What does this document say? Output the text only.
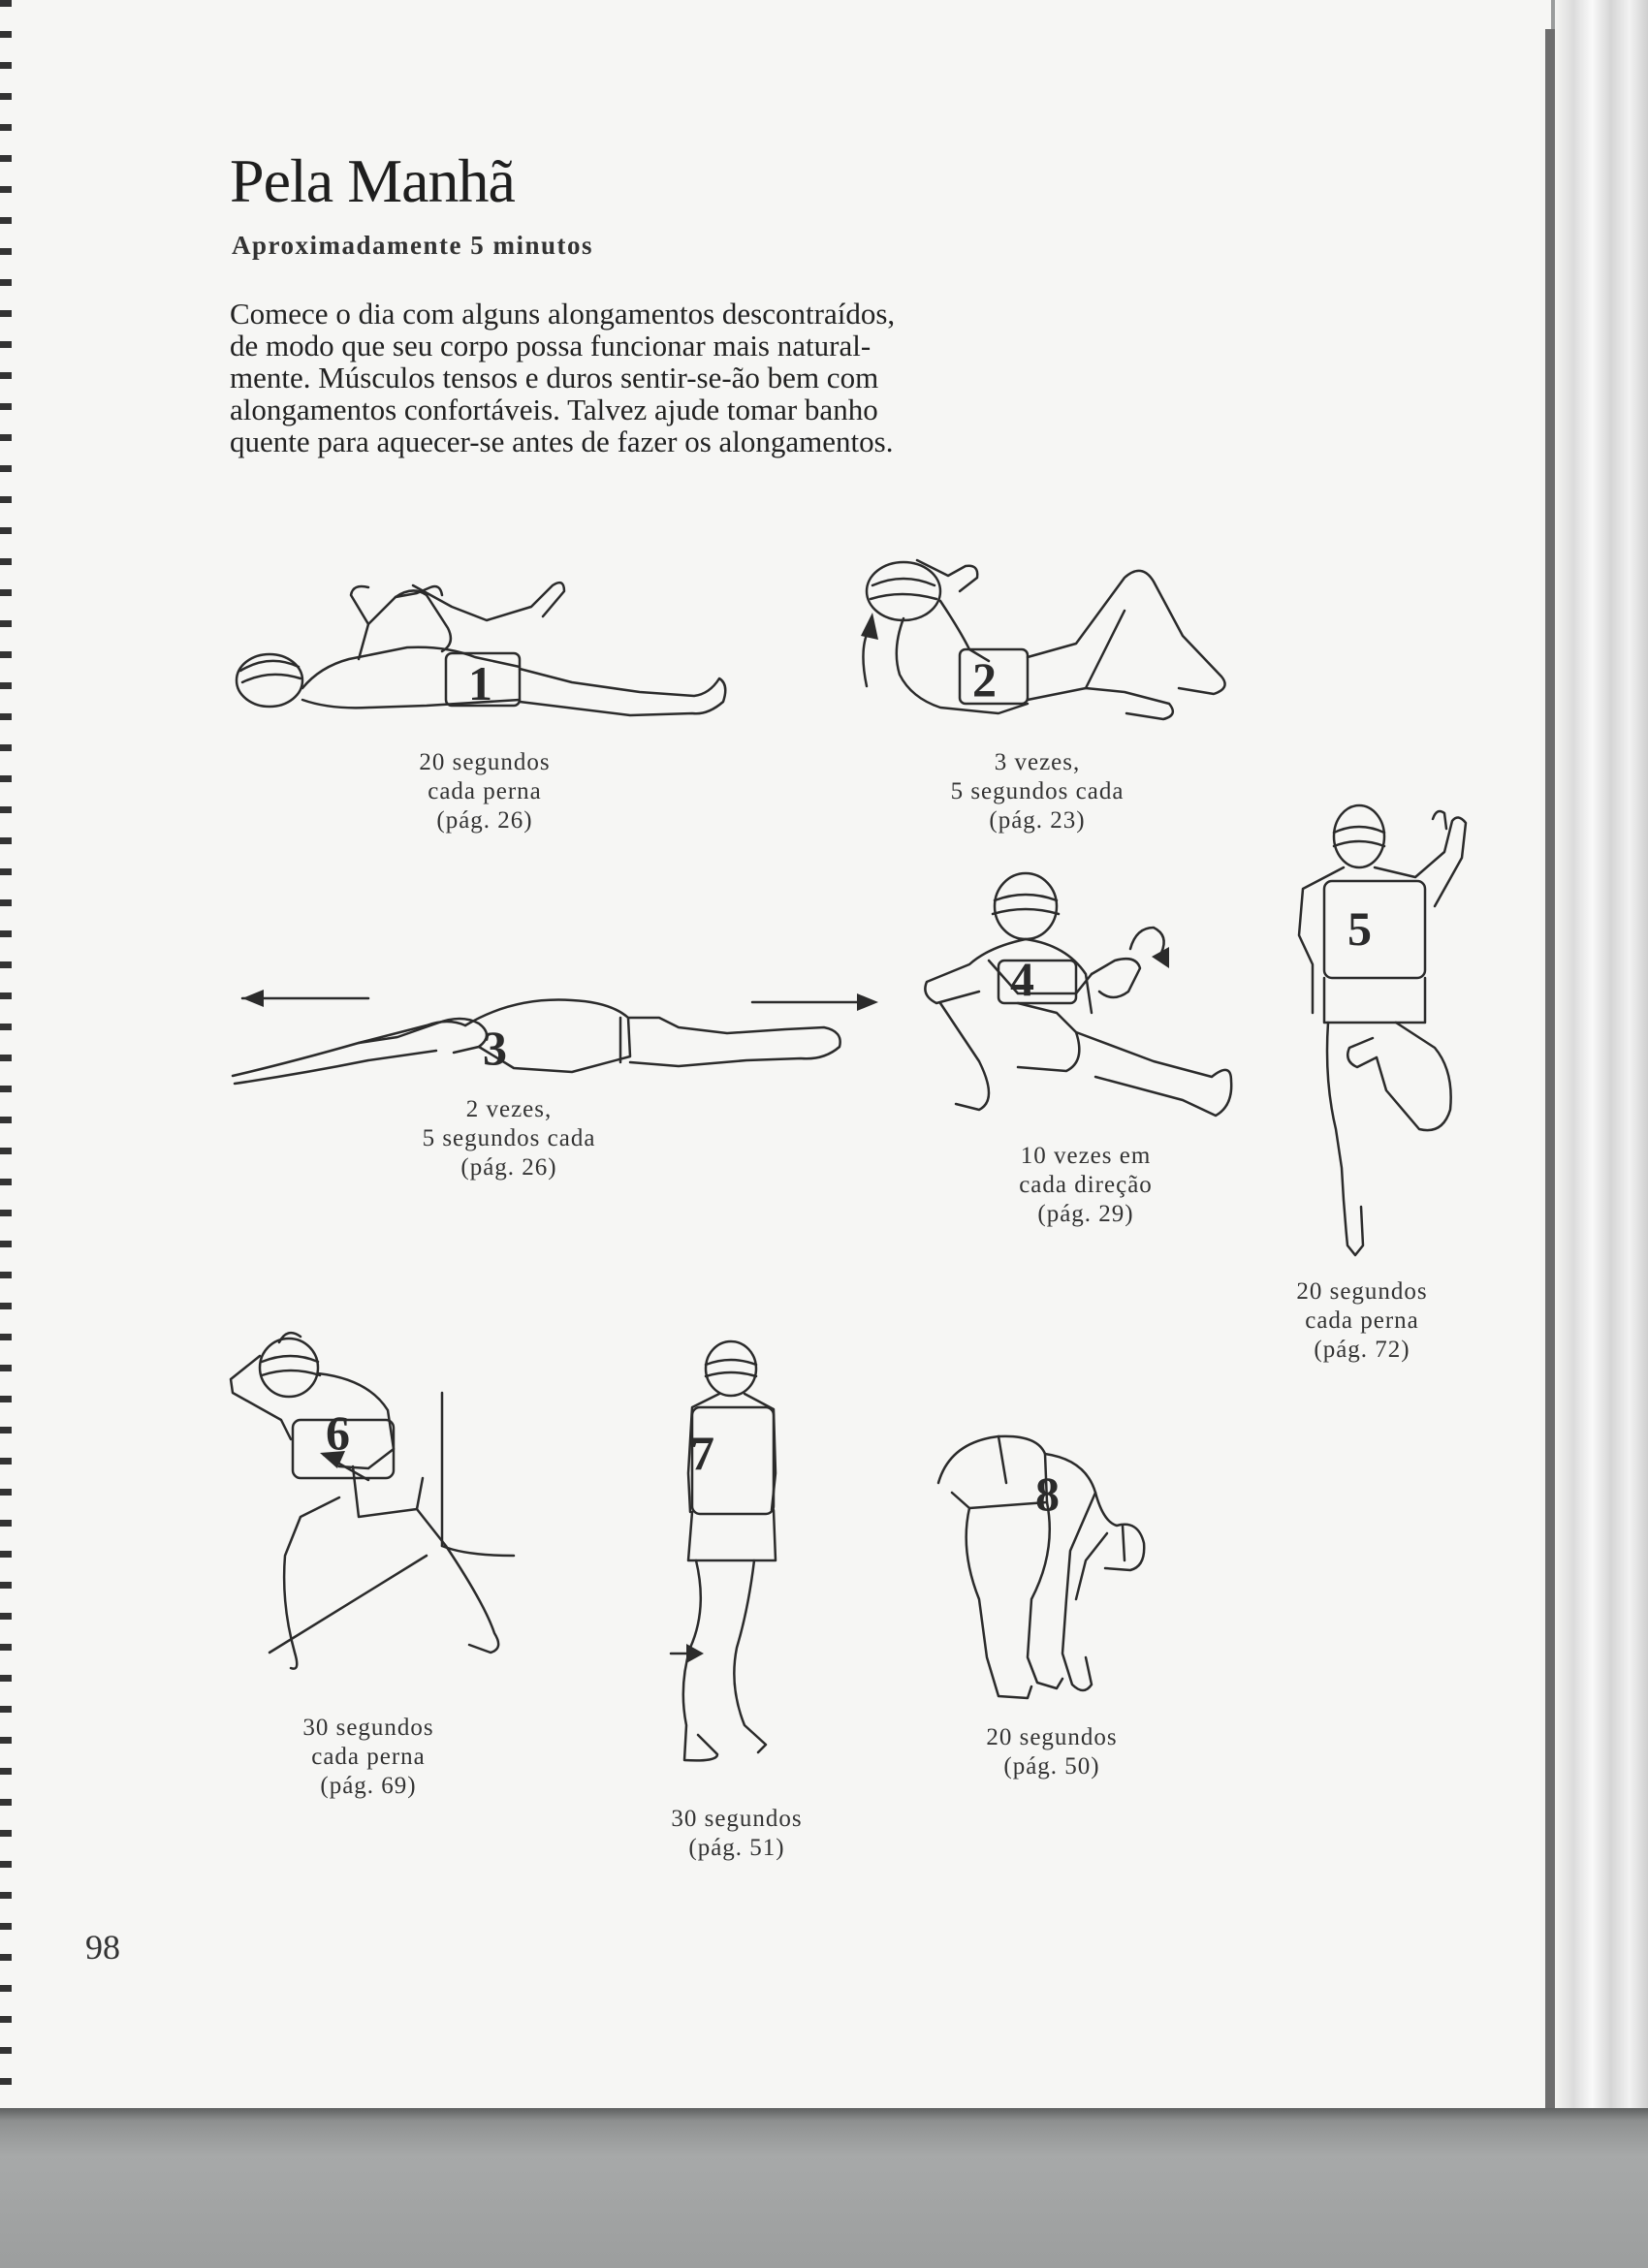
Pela Manhã
Aproximadamente 5 minutos

Comece o dia com alguns alongamentos descontraídos,
de modo que seu corpo possa funcionar mais natural-
mente. Músculos tensos e duros sentir-se-ão bem com
alongamentos confortáveis. Talvez ajude tomar banho
quente para aquecer-se antes de fazer os alongamentos.

1

20 segundos
cada perna
(pág. 26)

2

3 vezes,
5 segundos cada
(pág. 23)

3

2 vezes,
5 segundos cada
(pág. 26)

4

10 vezes em
cada direção
(pág. 29)

5

20 segundos
cada perna
(pág. 72)

6

30 segundos
cada perna
(pág. 69)

7

30 segundos
(pág. 51)

8

20 segundos
(pág. 50)

98
